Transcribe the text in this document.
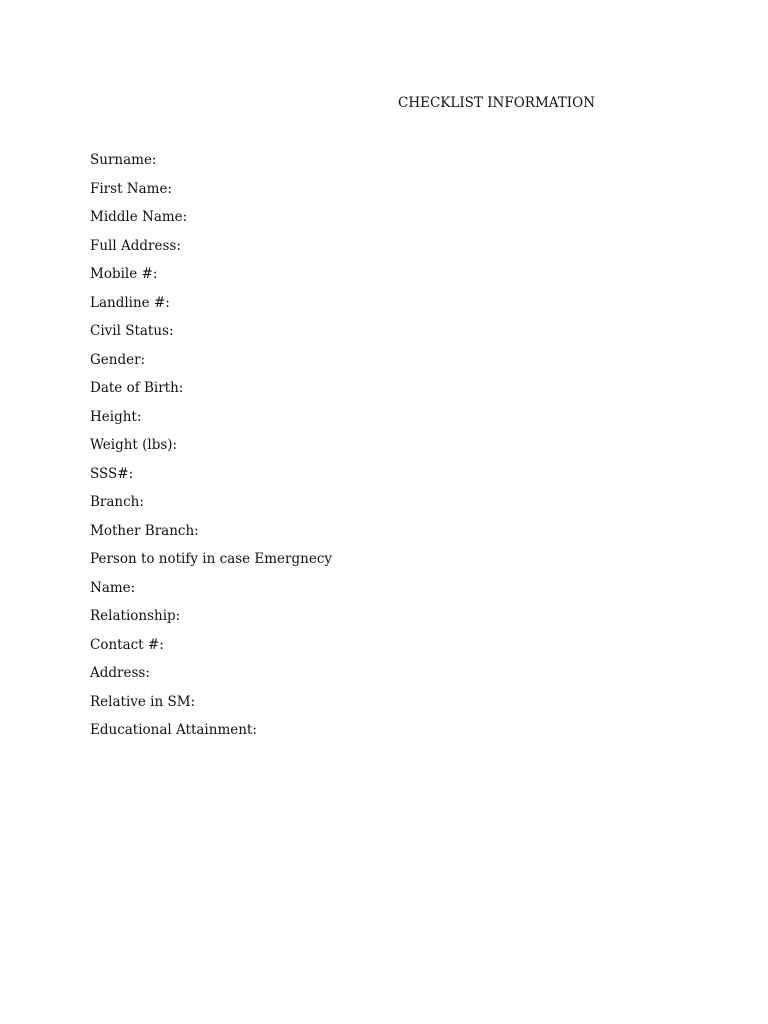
CHECKLIST INFORMATION
Surname:
First Name:
Middle Name:
Full Address:
Mobile #:
Landline #:
Civil Status:
Gender:
Date of Birth:
Height:
Weight (lbs):
SSS#:
Branch:
Mother Branch:
Person to notify in case Emergnecy
Name:
Relationship:
Contact #:
Address:
Relative in SM:
Educational Attainment:
